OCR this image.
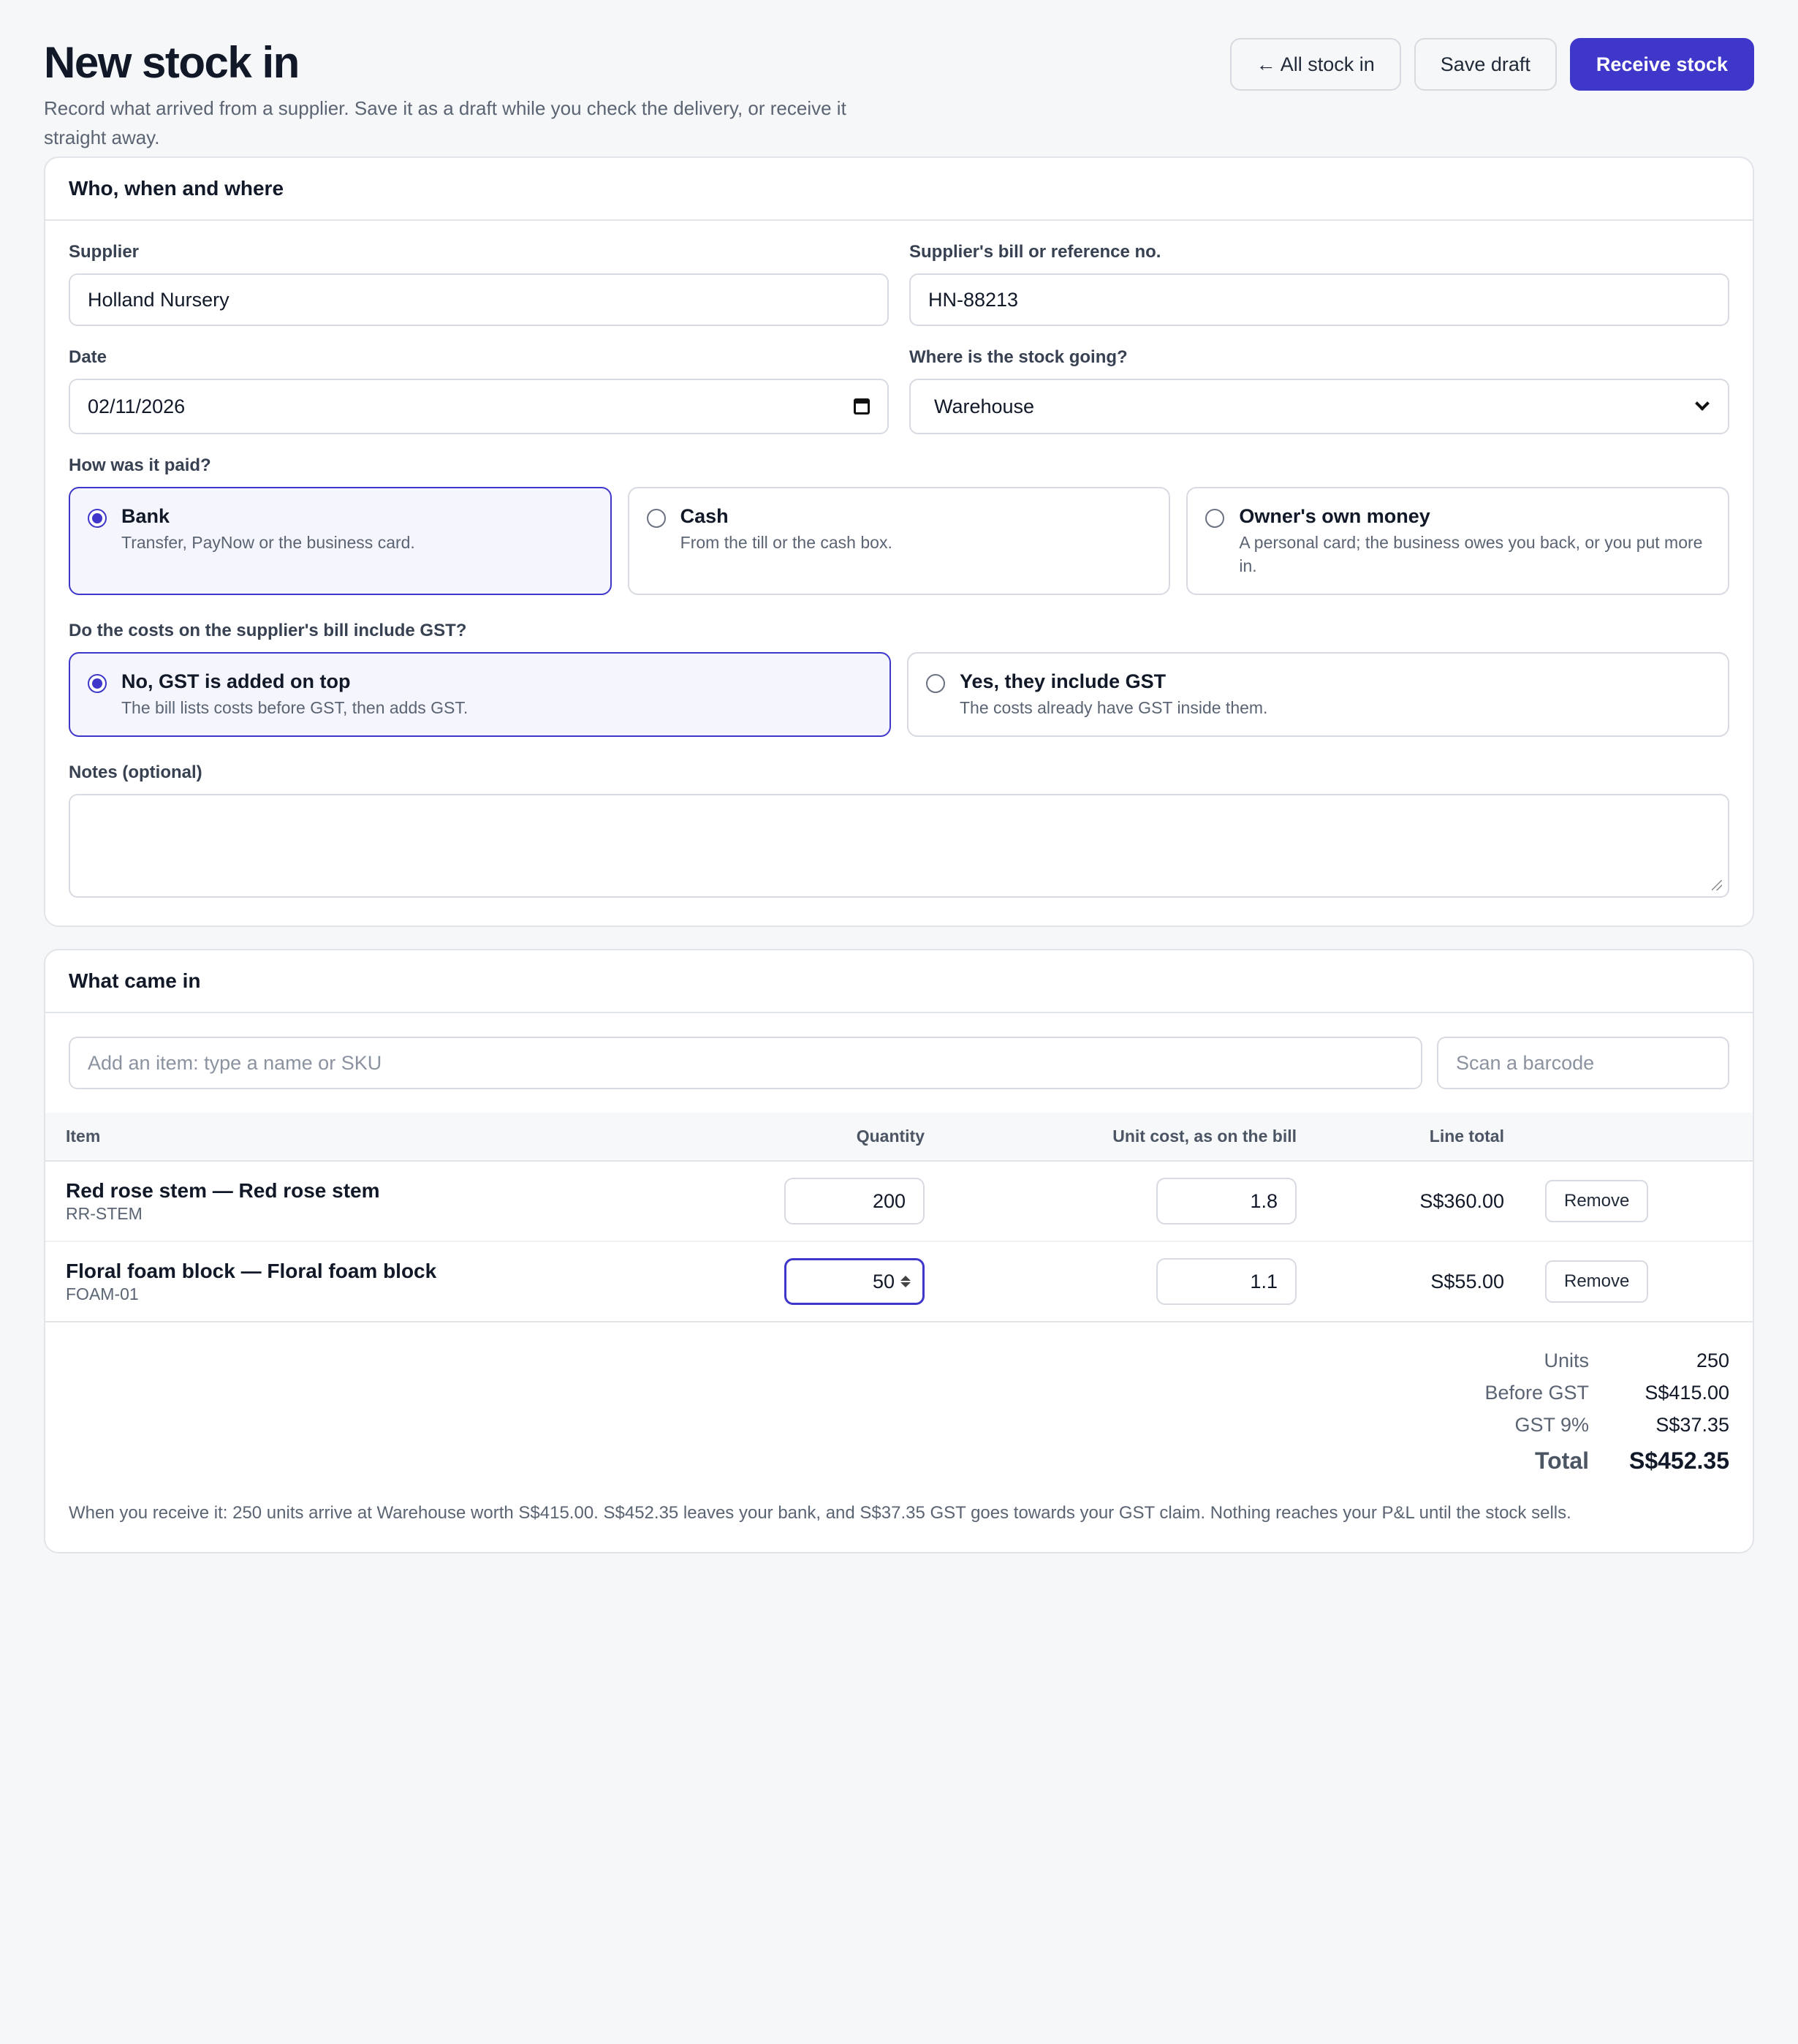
New stock in

Record what arrived from a supplier. Save it as a draft while you check the delivery, or receive it straight away.

← All stock in	Save draft	Receive stock
Who, when and where
Supplier
Holland Nursery
Supplier's bill or reference no.
HN-88213
Date
02/11/2026
Where is the stock going?
Warehouse
How was it paid?
Bank
Transfer, PayNow or the business card.
Cash
From the till or the cash box.
Owner's own money
A personal card; the business owes you back, or you put more in.
Do the costs on the supplier's bill include GST?
No, GST is added on top
The bill lists costs before GST, then adds GST.
Yes, they include GST
The costs already have GST inside them.
Notes (optional)
What came in
Add an item: type a name or SKU	Scan a barcode
Item	Quantity	Unit cost, as on the bill	Line total	

Red rose stem — Red rose stem
RR-STEM	200	1.8	S$360.00	Remove

Floral foam block — Floral foam block
FOAM-01	50	1.1	S$55.00	Remove
Units	250
Before GST	S$415.00
GST 9%	S$37.35
Total	S$452.35

When you receive it: 250 units arrive at Warehouse worth S$415.00. S$452.35 leaves your bank, and S$37.35 GST goes towards your GST claim. Nothing reaches your P&L until the stock sells.
